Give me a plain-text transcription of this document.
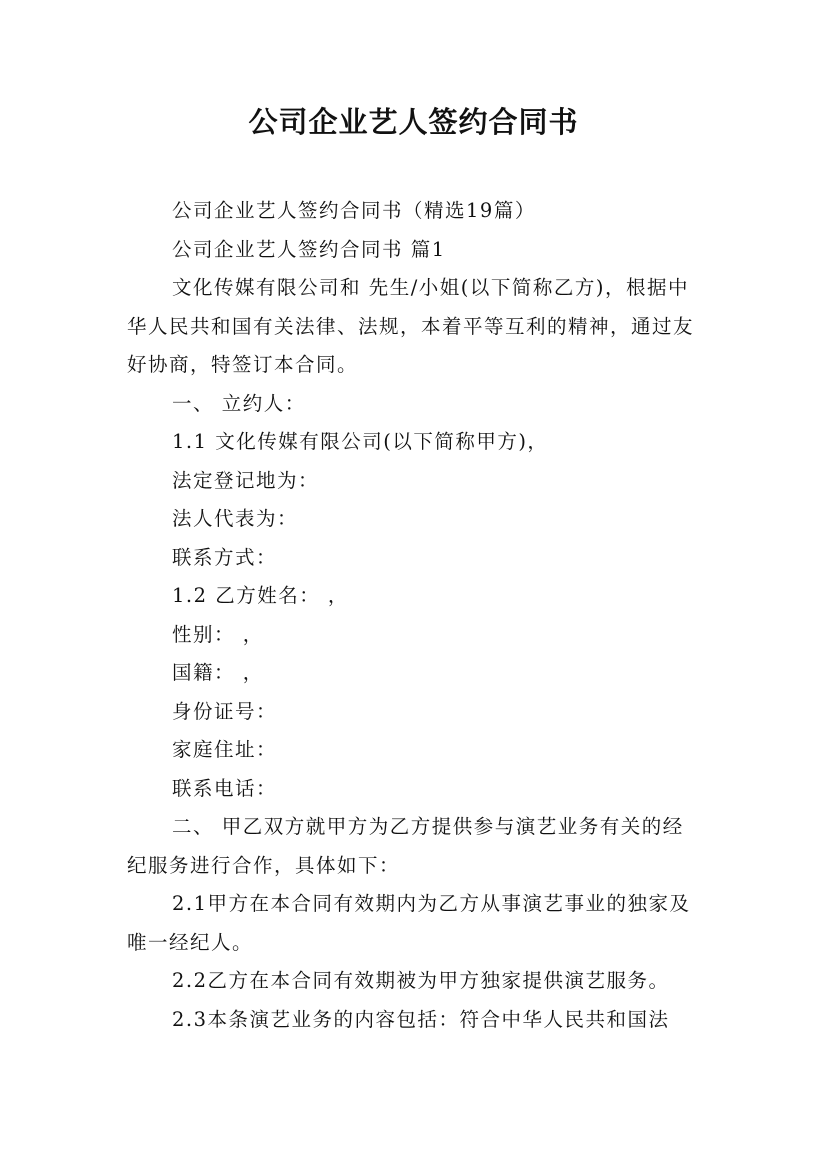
公司企业艺人签约合同书

公司企业艺人签约合同书（精选19篇）

公司企业艺人签约合同书 篇1

文化传媒有限公司和 先生/小姐(以下简称乙方)，根据中华人民共和国有关法律、法规，本着平等互利的精神，通过友好协商，特签订本合同。

一、 立约人：

1.1 文化传媒有限公司(以下简称甲方)，

法定登记地为：

法人代表为：

联系方式：

1.2 乙方姓名： ，

性别： ，

国籍： ，

身份证号：

家庭住址：

联系电话：

二、 甲乙双方就甲方为乙方提供参与演艺业务有关的经纪服务进行合作，具体如下：

2.1甲方在本合同有效期内为乙方从事演艺事业的独家及唯一经纪人。

2.2乙方在本合同有效期被为甲方独家提供演艺服务。

2.3本条演艺业务的内容包括：符合中华人民共和国法
